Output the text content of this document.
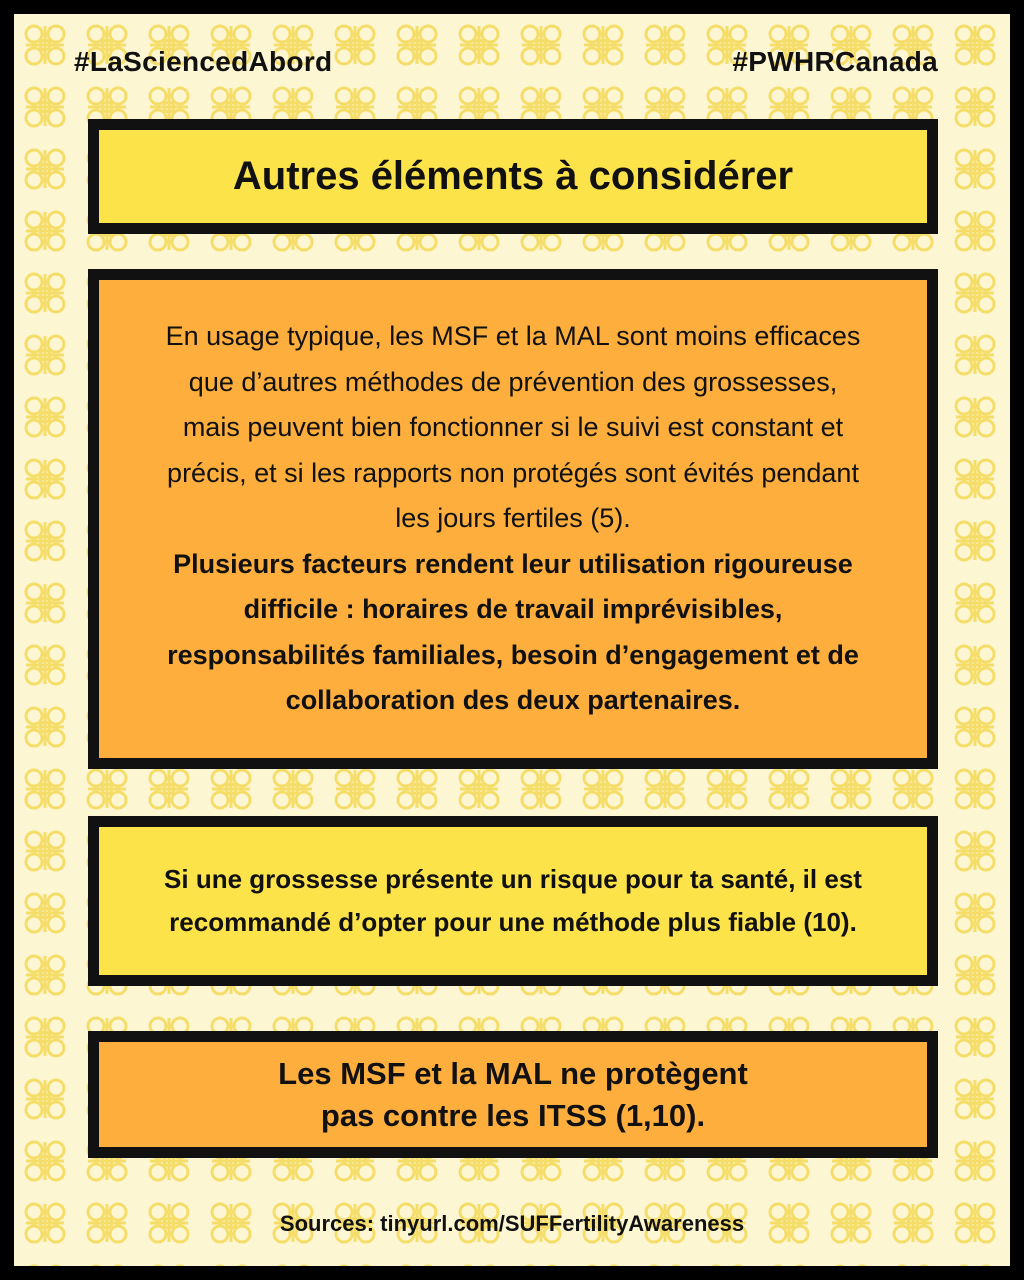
#LaSciencedAbord	#PWHRCanada
Autres éléments à considérer
En usage typique, les MSF et la MAL sont moins efficaces
que d’autres méthodes de prévention des grossesses,
mais peuvent bien fonctionner si le suivi est constant et
précis, et si les rapports non protégés sont évités pendant
les jours fertiles (5).
Plusieurs facteurs rendent leur utilisation rigoureuse
difficile : horaires de travail imprévisibles,
responsabilités familiales, besoin d’engagement et de
collaboration des deux partenaires.
Si une grossesse présente un risque pour ta santé, il est
recommandé d’opter pour une méthode plus fiable (10).
Les MSF et la MAL ne protègent
pas contre les ITSS (1,10).
Sources: tinyurl.com/SUFFertilityAwareness
